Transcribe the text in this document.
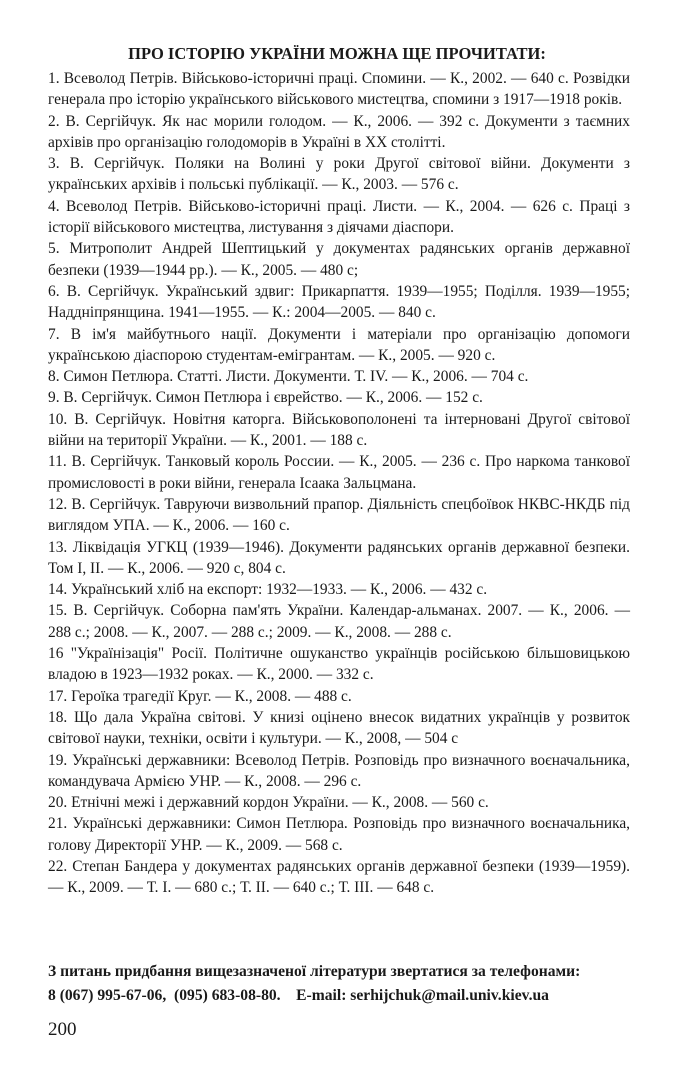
ПРО ІСТОРІЮ УКРАЇНИ МОЖНА ЩЕ ПРОЧИТАТИ:
1. Всеволод Петрів. Військово-історичні праці. Спомини. — К., 2002. — 640 с. Розвідки генерала про історію українського військового мистецтва, спомини з 1917—1918 років.
2. В. Сергійчук. Як нас морили голодом. — К., 2006. — 392 с. Документи з таємних архівів про організацію голодоморів в Україні в ХХ столітті.
3. В. Сергійчук. Поляки на Волині у роки Другої світової війни. Документи з українських архівів і польські публікації. — К., 2003. — 576 с.
4. Всеволод Петрів. Військово-історичні праці. Листи. — К., 2004. — 626 с. Праці з історії військового мистецтва, листування з діячами діаспори.
5. Митрополит Андрей Шептицький у документах радянських органів державної безпеки (1939—1944 рр.). — К., 2005. — 480 с;
6. В. Сергійчук. Український здвиг: Прикарпаття. 1939—1955; Поділля. 1939—1955; Наддніпрянщина. 1941—1955. — К.: 2004—2005. — 840 с.
7. В ім'я майбутнього нації. Документи і матеріали про організацію допомоги українською діаспорою студентам-емігрантам. — К., 2005. — 920 с.
8. Симон Петлюра. Статті. Листи. Документи. Т. IV. — К., 2006. — 704 с.
9. В. Сергійчук. Симон Петлюра і єврейство. — К., 2006. — 152 с.
10. В. Сергійчук. Новітня каторга. Військовополонені та інтерновані Другої світової війни на території України. — К., 2001. — 188 с.
11. В. Сергійчук. Танковый король России. — К., 2005. — 236 с. Про наркома танкової промисловості в роки війни, генерала Ісаака Зальцмана.
12. В. Сергійчук. Тавруючи визвольний прапор. Діяльність спецбоївок НКВС-НКДБ під виглядом УПА. — К., 2006. — 160 с.
13. Ліквідація УГКЦ (1939—1946). Документи радянських органів державної безпеки. Том І, ІІ. — К., 2006. — 920 с, 804 с.
14. Український хліб на експорт: 1932—1933. — К., 2006. — 432 с.
15. В. Сергійчук. Соборна пам'ять України. Календар-альманах. 2007. — К., 2006. — 288 с.; 2008. — К., 2007. — 288 с.; 2009. — К., 2008. — 288 с.
16 "Українізація" Росії. Політичне ошуканство українців російською більшовицькою владою в 1923—1932 роках. — К., 2000. — 332 с.
17. Героїка трагедії Круг. — К., 2008. — 488 с.
18. Що дала Україна світові. У книзі оцінено внесок видатних українців у розвиток світової науки, техніки, освіти і культури. — К., 2008, — 504 с
19. Українські державники: Всеволод Петрів. Розповідь про визначного воєначальника, командувача Армією УНР. — К., 2008. — 296 с.
20. Етнічні межі і державний кордон України. — К., 2008. — 560 с.
21. Українські державники: Симон Петлюра. Розповідь про визначного воєначальника, голову Директорії УНР. — К., 2009. — 568 с.
22. Степан Бандера у документах радянських органів державної безпеки (1939—1959). — К., 2009. — Т. І. — 680 с.; Т. ІІ. — 640 с.; Т. ІІІ. — 648 с.
З питань придбання вищезазначеної літератури звертатися за телефонами:
8 (067) 995-67-06,  (095) 683-08-80.    E-mail: serhijchuk@mail.univ.kiev.ua
200
